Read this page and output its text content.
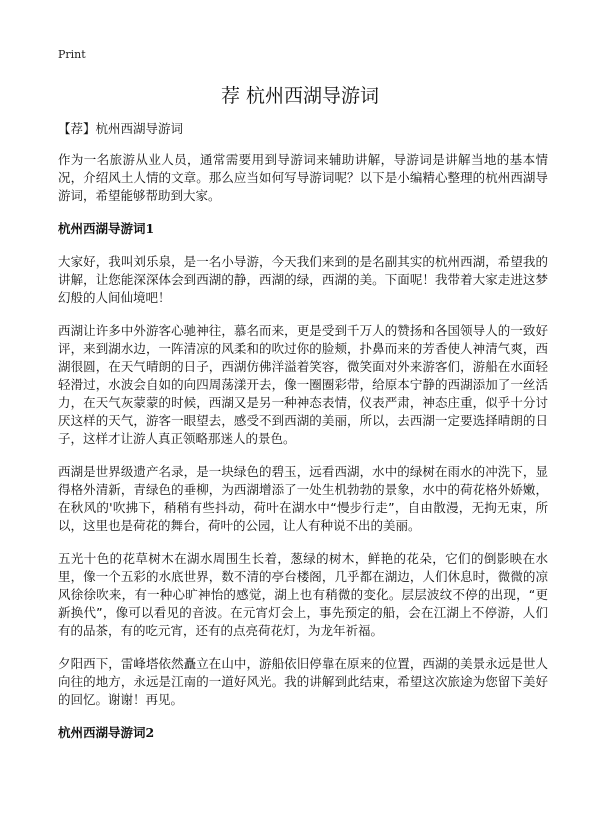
Print
荐 杭州西湖导游词

【荐】杭州西湖导游词

作为一名旅游从业人员，通常需要用到导游词来辅助讲解，导游词是讲解当地的基本情况，介绍风土人情的文章。那么应当如何写导游词呢？以下是小编精心整理的杭州西湖导游词，希望能够帮助到大家。

杭州西湖导游词1

大家好，我叫刘乐泉，是一名小导游，今天我们来到的是名副其实的杭州西湖，希望我的讲解，让您能深深体会到西湖的静，西湖的绿，西湖的美。下面呢！我带着大家走进这梦幻般的人间仙境吧！

西湖让许多中外游客心驰神往，慕名而来，更是受到千万人的赞扬和各国领导人的一致好评，来到湖水边，一阵清凉的风柔和的吹过你的脸颊，扑鼻而来的芳香使人神清气爽，西湖很圆，在天气晴朗的日子，西湖仿佛洋溢着笑容，微笑面对外来游客们，游船在水面轻轻滑过，水波会自如的向四周荡漾开去，像一圈圈彩带，给原本宁静的西湖添加了一丝活力，在天气灰蒙蒙的时候，西湖又是另一种神态表情，仪表严肃，神态庄重，似乎十分讨厌这样的天气，游客一眼望去，感受不到西湖的美丽，所以，去西湖一定要选择晴朗的日子，这样才让游人真正领略那迷人的景色。

西湖是世界级遗产名录，是一块绿色的碧玉，远看西湖，水中的绿树在雨水的冲洗下，显得格外清新，青绿色的垂柳，为西湖增添了一处生机勃勃的景象，水中的荷花格外娇嫩，在秋风的'吹拂下，稍稍有些抖动，荷叶在湖水中“慢步行走”，自由散漫，无拘无束，所以，这里也是荷花的舞台，荷叶的公园，让人有种说不出的美丽。

五光十色的花草树木在湖水周围生长着，葱绿的树木，鲜艳的花朵，它们的倒影映在水里，像一个五彩的水底世界，数不清的亭台楼阁，几乎都在湖边，人们休息时，微微的凉风徐徐吹来，有一种心旷神怡的感觉，湖上也有稍微的变化。层层波纹不停的出现，“更新换代”，像可以看见的音波。在元宵灯会上，事先预定的船，会在江湖上不停游，人们有的品茶，有的吃元宵，还有的点亮荷花灯，为龙年祈福。

夕阳西下，雷峰塔依然矗立在山中，游船依旧停靠在原来的位置，西湖的美景永远是世人向往的地方，永远是江南的一道好风光。我的讲解到此结束，希望这次旅途为您留下美好的回忆。谢谢！再见。

杭州西湖导游词2
